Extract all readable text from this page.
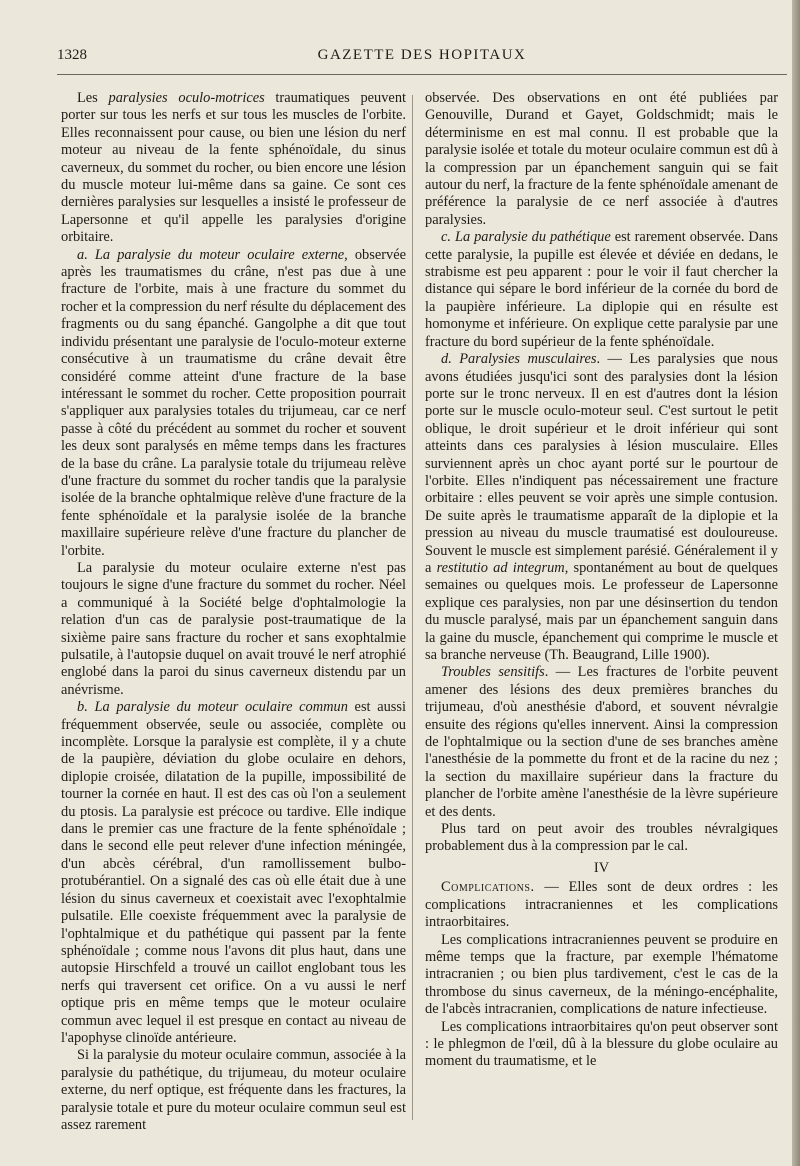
1328	GAZETTE DES HOPITAUX

Les paralysies oculo-motrices traumatiques peuvent porter sur tous les nerfs et sur tous les muscles de l'orbite. Elles reconnaissent pour cause, ou bien une lésion du nerf moteur au niveau de la fente sphénoïdale, du sinus caverneux, du sommet du rocher, ou bien encore une lésion du muscle moteur lui-même dans sa gaine. Ce sont ces dernières paralysies sur lesquelles a insisté le professeur de Lapersonne et qu'il appelle les paralysies d'origine orbitaire.

a. La paralysie du moteur oculaire externe, observée après les traumatismes du crâne, n'est pas due à une fracture de l'orbite, mais à une fracture du sommet du rocher et la compression du nerf résulte du déplacement des fragments ou du sang épanché. Gangolphe a dit que tout individu présentant une paralysie de l'oculo-moteur externe consécutive à un traumatisme du crâne devait être considéré comme atteint d'une fracture de la base intéressant le sommet du rocher. Cette proposition pourrait s'appliquer aux paralysies totales du trijumeau, car ce nerf passe à côté du précédent au sommet du rocher et souvent les deux sont paralysés en même temps dans les fractures de la base du crâne. La paralysie totale du trijumeau relève d'une fracture du sommet du rocher tandis que la paralysie isolée de la branche ophtalmique relève d'une fracture de la fente sphénoïdale et la paralysie isolée de la branche maxillaire supérieure relève d'une fracture du plancher de l'orbite.

La paralysie du moteur oculaire externe n'est pas toujours le signe d'une fracture du sommet du rocher. Néel a communiqué à la Société belge d'ophtalmologie la relation d'un cas de paralysie post-traumatique de la sixième paire sans fracture du rocher et sans exophtalmie pulsatile, à l'autopsie duquel on avait trouvé le nerf atrophié englobé dans la paroi du sinus caverneux distendu par un anévrisme.

b. La paralysie du moteur oculaire commun est aussi fréquemment observée, seule ou associée, complète ou incomplète. Lorsque la paralysie est complète, il y a chute de la paupière, déviation du globe oculaire en dehors, diplopie croisée, dilatation de la pupille, impossibilité de tourner la cornée en haut. Il est des cas où l'on a seulement du ptosis. La paralysie est précoce ou tardive. Elle indique dans le premier cas une fracture de la fente sphénoïdale ; dans le second elle peut relever d'une infection méningée, d'un abcès cérébral, d'un ramollissement bulbo-protubérantiel. On a signalé des cas où elle était due à une lésion du sinus caverneux et coexistait avec l'exophtalmie pulsatile. Elle coexiste fréquemment avec la paralysie de l'ophtalmique et du pathétique qui passent par la fente sphénoïdale ; comme nous l'avons dit plus haut, dans une autopsie Hirschfeld a trouvé un caillot englobant tous les nerfs qui traversent cet orifice. On a vu aussi le nerf optique pris en même temps que le moteur oculaire commun avec lequel il est presque en contact au niveau de l'apophyse clinoïde antérieure.

Si la paralysie du moteur oculaire commun, associée à la paralysie du pathétique, du trijumeau, du moteur oculaire externe, du nerf optique, est fréquente dans les fractures, la paralysie totale et pure du moteur oculaire commun seul est assez rarement

observée. Des observations en ont été publiées par Genouville, Durand et Gayet, Goldschmidt; mais le déterminisme en est mal connu. Il est probable que la paralysie isolée et totale du moteur oculaire commun est dû à la compression par un épanchement sanguin qui se fait autour du nerf, la fracture de la fente sphénoïdale amenant de préférence la paralysie de ce nerf associée à d'autres paralysies.

c. La paralysie du pathétique est rarement observée. Dans cette paralysie, la pupille est élevée et déviée en dedans, le strabisme est peu apparent : pour le voir il faut chercher la distance qui sépare le bord inférieur de la cornée du bord de la paupière inférieure. La diplopie qui en résulte est homonyme et inférieure. On explique cette paralysie par une fracture du bord supérieur de la fente sphénoïdale.

d. Paralysies musculaires. — Les paralysies que nous avons étudiées jusqu'ici sont des paralysies dont la lésion porte sur le tronc nerveux. Il en est d'autres dont la lésion porte sur le muscle oculo-moteur seul. C'est surtout le petit oblique, le droit supérieur et le droit inférieur qui sont atteints dans ces paralysies à lésion musculaire. Elles surviennent après un choc ayant porté sur le pourtour de l'orbite. Elles n'indiquent pas nécessairement une fracture orbitaire : elles peuvent se voir après une simple contusion. De suite après le traumatisme apparaît de la diplopie et la pression au niveau du muscle traumatisé est douloureuse. Souvent le muscle est simplement parésié. Généralement il y a restitutio ad integrum, spontanément au bout de quelques semaines ou quelques mois. Le professeur de Lapersonne explique ces paralysies, non par une désinsertion du tendon du muscle paralysé, mais par un épanchement sanguin dans la gaine du muscle, épanchement qui comprime le muscle et sa branche nerveuse (Th. Beaugrand, Lille 1900).

Troubles sensitifs. — Les fractures de l'orbite peuvent amener des lésions des deux premières branches du trijumeau, d'où anesthésie d'abord, et souvent névralgie ensuite des régions qu'elles innervent. Ainsi la compression de l'ophtalmique ou la section d'une de ses branches amène l'anesthésie de la pommette du front et de la racine du nez ; la section du maxillaire supérieur dans la fracture du plancher de l'orbite amène l'anesthésie de la lèvre supérieure et des dents.

Plus tard on peut avoir des troubles névralgiques probablement dus à la compression par le cal.

IV

Complications. — Elles sont de deux ordres : les complications intracraniennes et les complications intraorbitaires.

Les complications intracraniennes peuvent se produire en même temps que la fracture, par exemple l'hématome intracranien ; ou bien plus tardivement, c'est le cas de la thrombose du sinus caverneux, de la méningo-encéphalite, de l'abcès intracranien, complications de nature infectieuse.

Les complications intraorbitaires qu'on peut observer sont : le phlegmon de l'œil, dû à la blessure du globe oculaire au moment du traumatisme, et le
